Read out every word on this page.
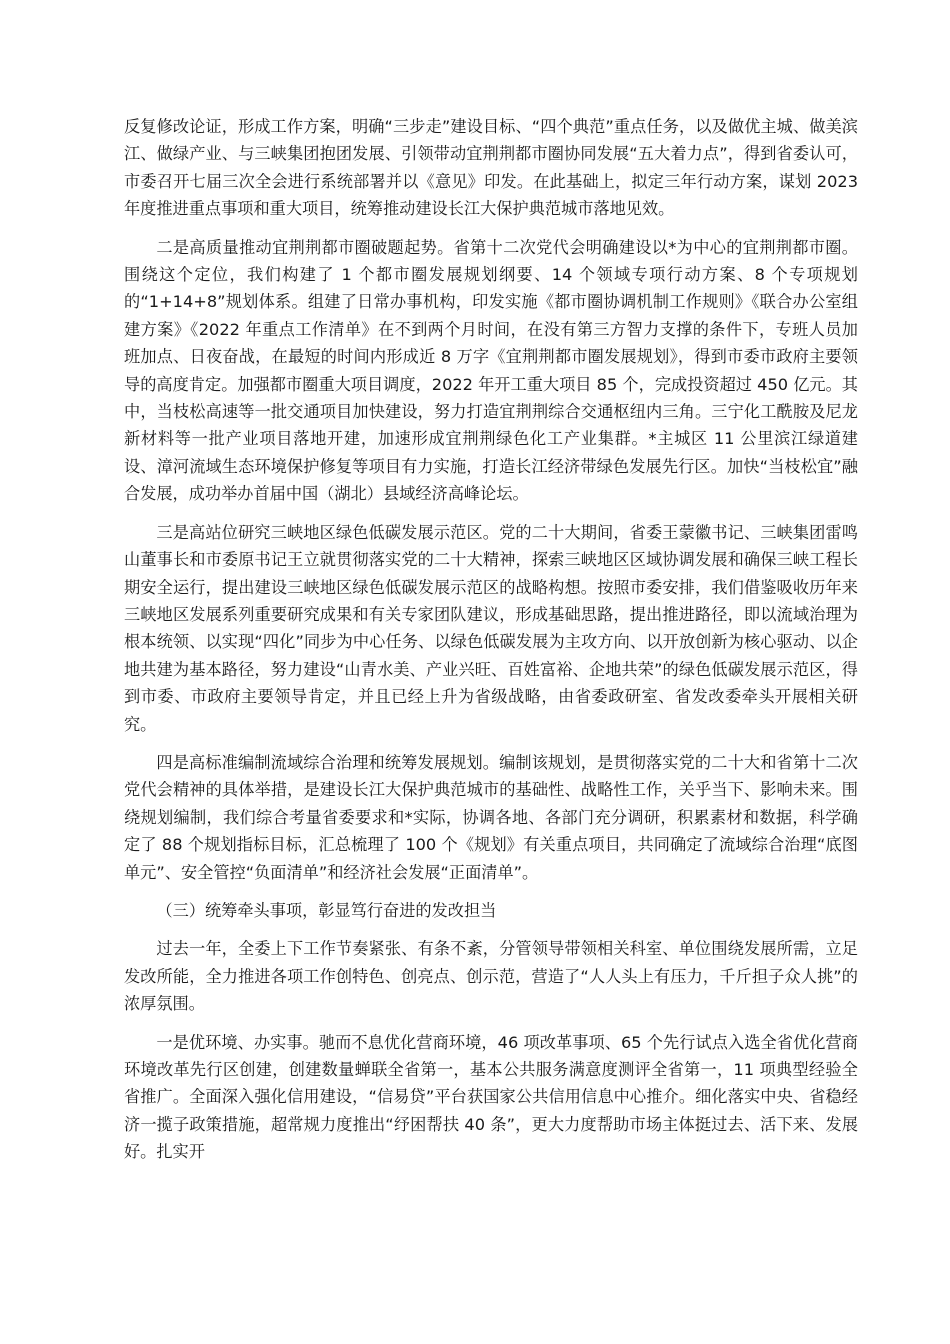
反复修改论证，形成工作方案，明确“三步走”建设目标、“四个典范”重点任务，以及做优主城、做美滨江、做绿产业、与三峡集团抱团发展、引领带动宜荆荆都市圈协同发展“五大着力点”，得到省委认可，市委召开七届三次全会进行系统部署并以《意见》印发。在此基础上，拟定三年行动方案，谋划 2023 年度推进重点事项和重大项目，统筹推动建设长江大保护典范城市落地见效。

二是高质量推动宜荆荆都市圈破题起势。省第十二次党代会明确建设以*为中心的宜荆荆都市圈。围绕这个定位，我们构建了 1 个都市圈发展规划纲要、14 个领域专项行动方案、8 个专项规划的“1+14+8”规划体系。组建了日常办事机构，印发实施《都市圈协调机制工作规则》《联合办公室组建方案》《2022 年重点工作清单》在不到两个月时间，在没有第三方智力支撑的条件下，专班人员加班加点、日夜奋战，在最短的时间内形成近 8 万字《宜荆荆都市圈发展规划》，得到市委市政府主要领导的高度肯定。加强都市圈重大项目调度，2022 年开工重大项目 85 个，完成投资超过 450 亿元。其中，当枝松高速等一批交通项目加快建设，努力打造宜荆荆综合交通枢纽内三角。三宁化工酰胺及尼龙新材料等一批产业项目落地开建，加速形成宜荆荆绿色化工产业集群。*主城区 11 公里滨江绿道建设、漳河流域生态环境保护修复等项目有力实施，打造长江经济带绿色发展先行区。加快“当枝松宜”融合发展，成功举办首届中国（湖北）县域经济高峰论坛。

三是高站位研究三峡地区绿色低碳发展示范区。党的二十大期间，省委王蒙徽书记、三峡集团雷鸣山董事长和市委原书记王立就贯彻落实党的二十大精神，探索三峡地区区域协调发展和确保三峡工程长期安全运行，提出建设三峡地区绿色低碳发展示范区的战略构想。按照市委安排，我们借鉴吸收历年来三峡地区发展系列重要研究成果和有关专家团队建议，形成基础思路，提出推进路径，即以流域治理为根本统领、以实现“四化”同步为中心任务、以绿色低碳发展为主攻方向、以开放创新为核心驱动、以企地共建为基本路径，努力建设“山青水美、产业兴旺、百姓富裕、企地共荣”的绿色低碳发展示范区，得到市委、市政府主要领导肯定，并且已经上升为省级战略，由省委政研室、省发改委牵头开展相关研究。

四是高标准编制流域综合治理和统筹发展规划。编制该规划，是贯彻落实党的二十大和省第十二次党代会精神的具体举措，是建设长江大保护典范城市的基础性、战略性工作，关乎当下、影响未来。围绕规划编制，我们综合考量省委要求和*实际，协调各地、各部门充分调研，积累素材和数据，科学确定了 88 个规划指标目标，汇总梳理了 100 个《规划》有关重点项目，共同确定了流域综合治理“底图单元”、安全管控“负面清单”和经济社会发展“正面清单”。

（三）统筹牵头事项，彰显笃行奋进的发改担当

过去一年，全委上下工作节奏紧张、有条不紊，分管领导带领相关科室、单位围绕发展所需，立足发改所能，全力推进各项工作创特色、创亮点、创示范，营造了“人人头上有压力，千斤担子众人挑”的浓厚氛围。

一是优环境、办实事。驰而不息优化营商环境，46 项改革事项、65 个先行试点入选全省优化营商环境改革先行区创建，创建数量蝉联全省第一，基本公共服务满意度测评全省第一，11 项典型经验全省推广。全面深入强化信用建设，“信易贷”平台获国家公共信用信息中心推介。细化落实中央、省稳经济一揽子政策措施，超常规力度推出“纾困帮扶 40 条”，更大力度帮助市场主体挺过去、活下来、发展好。扎实开
